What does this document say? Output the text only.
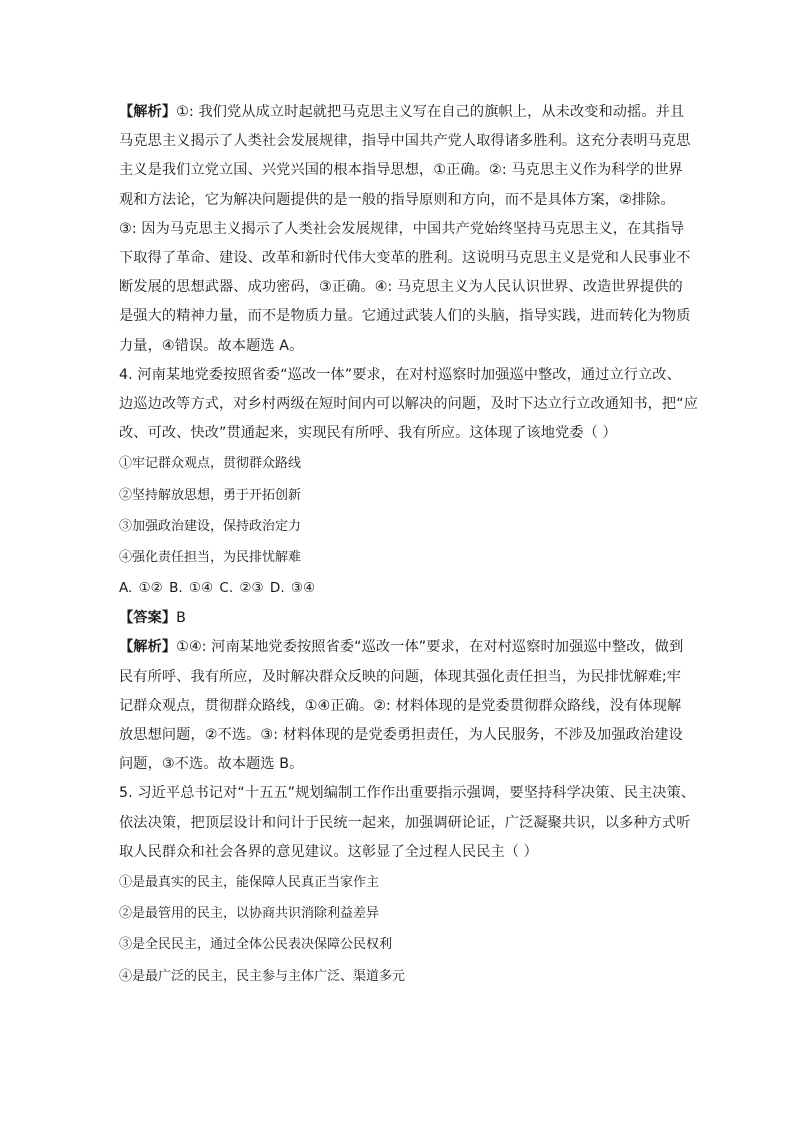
【解析】①: 我们党从成立时起就把马克思主义写在自己的旗帜上，从未改变和动摇。并且
马克思主义揭示了人类社会发展规律，指导中国共产党人取得诸多胜利。这充分表明马克思
主义是我们立党立国、兴党兴国的根本指导思想，①正确。②: 马克思主义作为科学的世界
观和方法论，它为解决问题提供的是一般的指导原则和方向，而不是具体方案，②排除。
③: 因为马克思主义揭示了人类社会发展规律，中国共产党始终坚持马克思主义，在其指导
下取得了革命、建设、改革和新时代伟大变革的胜利。这说明马克思主义是党和人民事业不
断发展的思想武器、成功密码，③正确。④: 马克思主义为人民认识世界、改造世界提供的
是强大的精神力量，而不是物质力量。它通过武装人们的头脑，指导实践，进而转化为物质
力量，④错误。故本题选 A。

4. 河南某地党委按照省委“巡改一体”要求，在对村巡察时加强巡中整改，通过立行立改、
边巡边改等方式，对乡村两级在短时间内可以解决的问题，及时下达立行立改通知书，把“应
改、可改、快改”贯通起来，实现民有所呼、我有所应。这体现了该地党委（ ）

①牢记群众观点，贯彻群众路线

②坚持解放思想，勇于开拓创新

③加强政治建设，保持政治定力

④强化责任担当，为民排忧解难

A. ①② B. ①④ C. ②③ D. ③④

【答案】B

【解析】①④: 河南某地党委按照省委“巡改一体”要求，在对村巡察时加强巡中整改，做到
民有所呼、我有所应，及时解决群众反映的问题，体现其强化责任担当，为民排忧解难;牢
记群众观点，贯彻群众路线，①④正确。②: 材料体现的是党委贯彻群众路线，没有体现解
放思想问题，②不选。③: 材料体现的是党委勇担责任，为人民服务，不涉及加强政治建设
问题，③不选。故本题选 B。

5. 习近平总书记对“十五五”规划编制工作作出重要指示强调，要坚持科学决策、民主决策、
依法决策，把顶层设计和问计于民统一起来，加强调研论证，广泛凝聚共识，以多种方式听
取人民群众和社会各界的意见建议。这彰显了全过程人民民主（ ）

①是最真实的民主，能保障人民真正当家作主

②是最管用的民主，以协商共识消除利益差异

③是全民民主，通过全体公民表决保障公民权利

④是最广泛的民主，民主参与主体广泛、渠道多元
